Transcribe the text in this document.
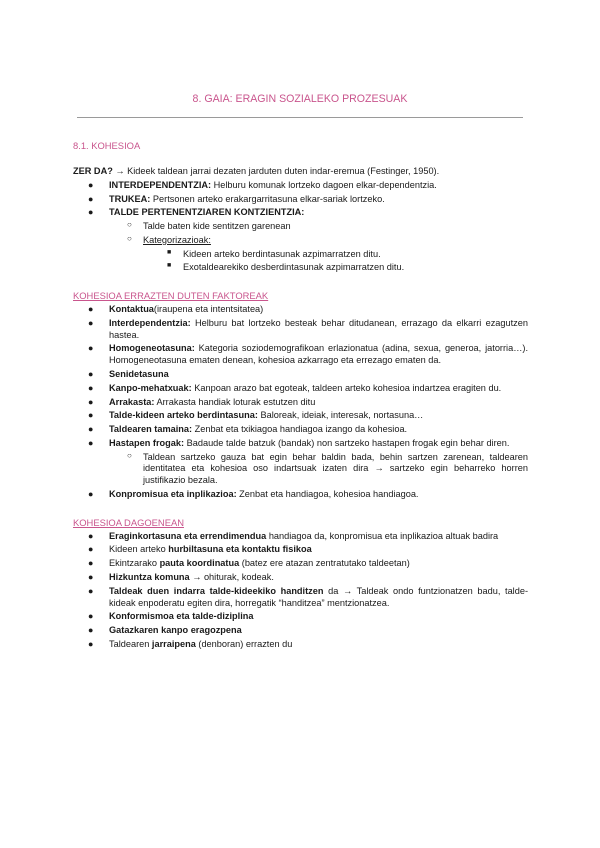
8. GAIA: ERAGIN SOZIALEKO PROZESUAK

8.1. KOHESIOA

ZER DA? → Kideek taldean jarrai dezaten jarduten duten indar-eremua (Festinger, 1950).

● INTERDEPENDENTZIA: Helburu komunak lortzeko dagoen elkar-dependentzia.
● TRUKEA: Pertsonen arteko erakargarritasuna elkar-sariak lortzeko.
● TALDE PERTENENTZIAREN KONTZIENTZIA:
○ Talde baten kide sentitzen garenean
○ Kategorizazioak:
■ Kideen arteko berdintasunak azpimarratzen ditu.
■ Exotaldearekiko desberdintasunak azpimarratzen ditu.

KOHESIOA ERRAZTEN DUTEN FAKTOREAK

● Kontaktua(iraupena eta intentsitatea)
● Interdependentzia: Helburu bat lortzeko besteak behar ditudanean, errazago da elkarri ezagutzen hastea.
● Homogeneotasuna: Kategoria soziodemografikoan erlazionatua (adina, sexua, generoa, jatorria…). Homogeneotasuna ematen denean, kohesioa azkarrago eta errezago ematen da.
● Senidetasuna
● Kanpo-mehatxuak: Kanpoan arazo bat egoteak, taldeen arteko kohesioa indartzea eragiten du.
● Arrakasta: Arrakasta handiak loturak estutzen ditu
● Talde-kideen arteko berdintasuna: Baloreak, ideiak, interesak, nortasuna…
● Taldearen tamaina: Zenbat eta txikiagoa handiagoa izango da kohesioa.
● Hastapen frogak: Badaude talde batzuk (bandak) non sartzeko hastapen frogak egin behar diren.
○ Taldean sartzeko gauza bat egin behar baldin bada, behin sartzen zarenean, taldearen identitatea eta kohesioa oso indartsuak izaten dira → sartzeko egin beharreko horren justifikazio bezala.
● Konpromisua eta inplikazioa: Zenbat eta handiagoa, kohesioa handiagoa.

KOHESIOA DAGOENEAN

● Eraginkortasuna eta errendimendua handiagoa da, konpromisua eta inplikazioa altuak badira
● Kideen arteko hurbiltasuna eta kontaktu fisikoa
● Ekintzarako pauta koordinatua (batez ere atazan zentratutako taldeetan)
● Hizkuntza komuna → ohiturak, kodeak.
● Taldeak duen indarra talde-kideekiko handitzen da → Taldeak ondo funtzionatzen badu, talde-kideak enpoderatu egiten dira, horregatik “handitzea” mentzionatzea.
● Konformismoa eta talde-diziplina
● Gatazkaren kanpo eragozpena
● Taldearen jarraipena (denboran) errazten du
